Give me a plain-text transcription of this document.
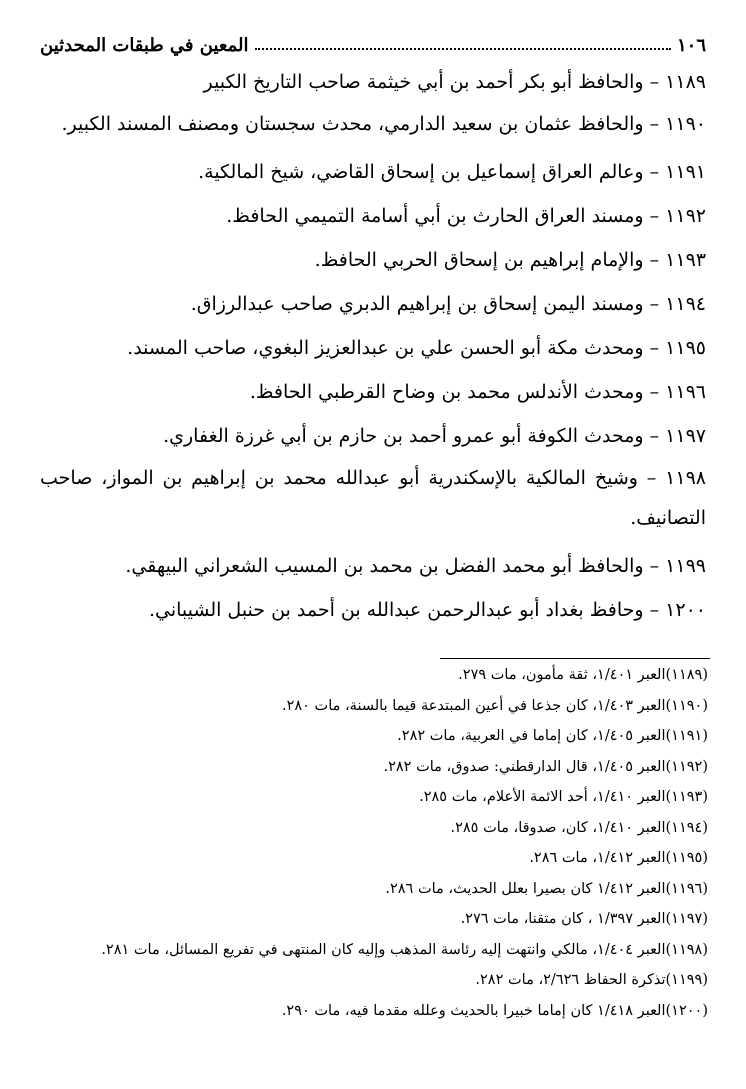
١٠٦
المعين في طبقات المحدثين

١١٨٩ – والحافظ أبو بكر أحمد بن أبي خيثمة صاحب التاريخ الكبير

١١٩٠ – والحافظ عثمان بن سعيد الدارمي، محدث سجستان ومصنف المسند الكبير.

١١٩١ – وعالم العراق إسماعيل بن إسحاق القاضي، شيخ المالكية.

١١٩٢ – ومسند العراق الحارث بن أبي أسامة التميمي الحافظ.

١١٩٣ – والإمام إبراهيم بن إسحاق الحربي الحافظ.

١١٩٤ – ومسند اليمن إسحاق بن إبراهيم الدبري صاحب عبدالرزاق.

١١٩٥ – ومحدث مكة أبو الحسن علي بن عبدالعزيز البغوي، صاحب المسند.

١١٩٦ – ومحدث الأندلس محمد بن وضاح القرطبي الحافظ.

١١٩٧ – ومحدث الكوفة أبو عمرو أحمد بن حازم بن أبي غرزة الغفاري.

١١٩٨ – وشيخ المالكية بالإسكندرية أبو عبدالله محمد بن إبراهيم بن المواز، صاحب التصانيف.

١١٩٩ – والحافظ أبو محمد الفضل بن محمد بن المسيب الشعراني البيهقي.

١٢٠٠ – وحافظ بغداد أبو عبدالرحمن عبدالله بن أحمد بن حنبل الشيباني.

(١١٨٩)العبر ١/٤٠١، ثقة مأمون، مات ٢٧٩.

(١١٩٠)العبر ١/٤٠٣، كان جذعا في أعين المبتدعة قيما بالسنة، مات ٢٨٠.

(١١٩١)العبر ١/٤٠٥، كان إماما في العربية، مات ٢٨٢.

(١١٩٢)العبر ١/٤٠٥، قال الدارقطني: صدوق، مات ٢٨٢.

(١١٩٣)العبر ١/٤١٠، أحد الائمة الأعلام، مات ٢٨٥.

(١١٩٤)العبر ١/٤١٠، كان، صدوقا، مات ٢٨٥.

(١١٩٥)العبر ١/٤١٢، مات ٢٨٦.

(١١٩٦)العبر ١/٤١٢ كان بصيرا بعلل الحديث، مات ٢٨٦.

(١١٩٧)العبر ١/٣٩٧ ، كان متقنا، مات ٢٧٦.

(١١٩٨)العبر ١/٤٠٤، مالكي وانتهت إليه رئاسة المذهب وإليه كان المنتهى في تفريع المسائل، مات ٢٨١.

(١١٩٩)تذكرة الحفاظ ٢/٦٢٦، مات ٢٨٢.

(١٢٠٠)العبر ١/٤١٨ كان إماما خبيرا بالحديث وعلله مقدما فيه، مات ٢٩٠.
